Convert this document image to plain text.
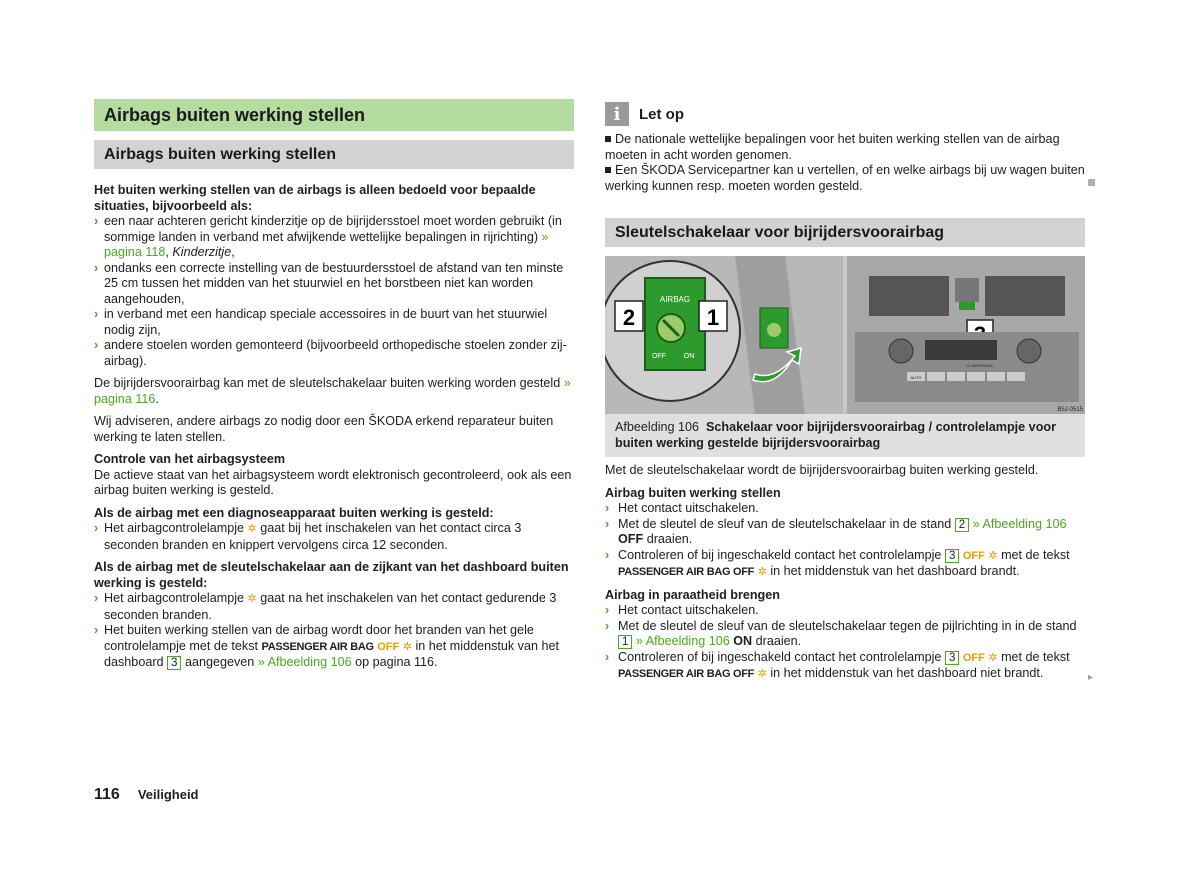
Airbags buiten werking stellen
Airbags buiten werking stellen

Het buiten werking stellen van de airbags is alleen bedoeld voor bepaalde situaties, bijvoorbeeld als:

› een naar achteren gericht kinderzitje op de bijrijdersstoel moet worden gebruikt (in sommige landen in verband met afwijkende wettelijke bepalingen in rijrichting) » pagina 118, Kinderzitje,
› ondanks een correcte instelling van de bestuurdersstoel de afstand van ten minste 25 cm tussen het midden van het stuurwiel en het borstbeen niet kan worden aangehouden,
› in verband met een handicap speciale accessoires in de buurt van het stuurwiel nodig zijn,
› andere stoelen worden gemonteerd (bijvoorbeeld orthopedische stoelen zonder zij-airbag).

De bijrijdersvoorairbag kan met de sleutelschakelaar buiten werking worden gesteld » pagina 116.

Wij adviseren, andere airbags zo nodig door een ŠKODA erkend reparateur buiten werking te laten stellen.

Controle van het airbagsysteem

De actieve staat van het airbagsysteem wordt elektronisch gecontroleerd, ook als een airbag buiten werking is gesteld.

Als de airbag met een diagnoseapparaat buiten werking is gesteld:

› Het airbagcontrolelampje ✲ gaat bij het inschakelen van het contact circa 3 seconden branden en knippert vervolgens circa 12 seconden.

Als de airbag met de sleutelschakelaar aan de zijkant van het dashboard buiten werking is gesteld:

› Het airbagcontrolelampje ✲ gaat na het inschakelen van het contact gedurende 3 seconden branden.
› Het buiten werking stellen van de airbag wordt door het branden van het gele controlelampje met de tekst PASSENGER AIR BAG OFF ✲ in het middenstuk van het dashboard 3 aangegeven » Afbeelding 106 op pagina 116.
i	Let op

De nationale wettelijke bepalingen voor het buiten werking stellen van de airbag moeten in acht worden genomen.

Een ŠKODA Servicepartner kan u vertellen, of en welke airbags bij uw wagen buiten werking kunnen resp. moeten worden gesteld.

Sleutelschakelaar voor bijrijdersvoorairbag
AIRBAG
OFF	ON
2	1
CLIMATRONIC
AUTO
B5J-0515
Afbeelding 106 Schakelaar voor bijrijdersvoorairbag / controlelampje voor buiten werking gestelde bijrijdersvoorairbag

Met de sleutelschakelaar wordt de bijrijdersvoorairbag buiten werking gesteld.

Airbag buiten werking stellen

› Het contact uitschakelen.
› Met de sleutel de sleuf van de sleutelschakelaar in de stand 2 » Afbeelding 106 OFF draaien.
› Controleren of bij ingeschakeld contact het controlelampje 3 OFF ✲ met de tekst PASSENGER AIR BAG OFF ✲ in het middenstuk van het dashboard brandt.

Airbag in paraatheid brengen

› Het contact uitschakelen.
› Met de sleutel de sleuf van de sleutelschakelaar tegen de pijlrichting in in de stand 1 » Afbeelding 106 ON draaien.
› Controleren of bij ingeschakeld contact het controlelampje 3 OFF ✲ met de tekst PASSENGER AIR BAG OFF ✲ in het middenstuk van het dashboard niet brandt.	▸
116 Veiligheid
